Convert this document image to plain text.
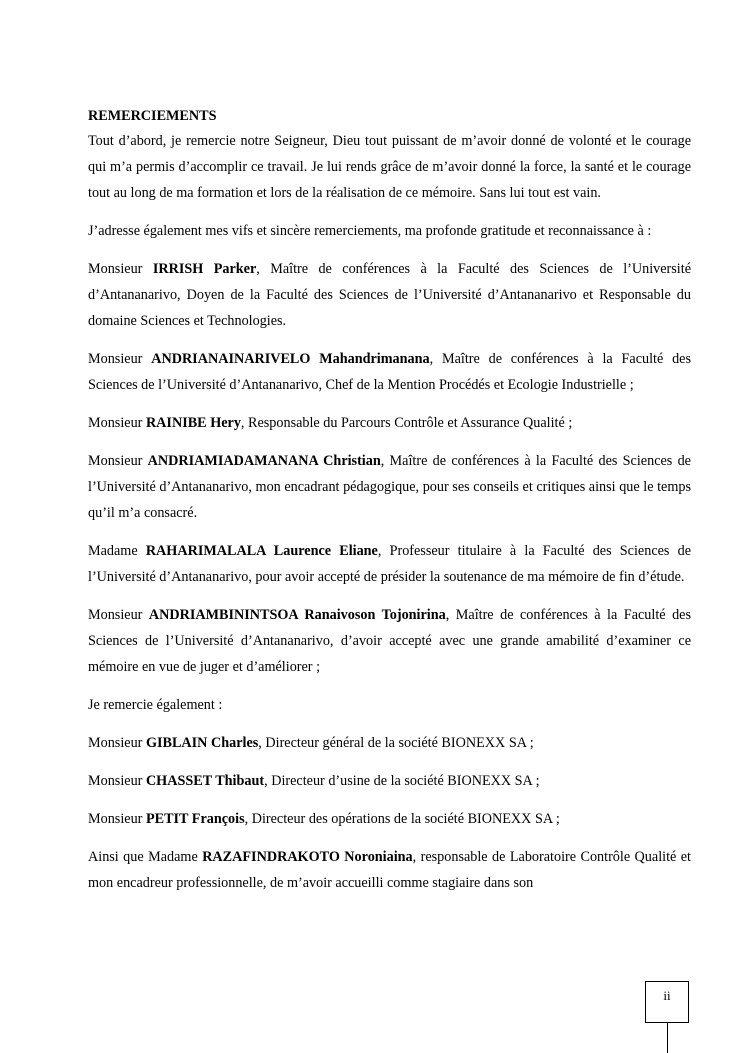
REMERCIEMENTS

Tout d’abord, je remercie notre Seigneur, Dieu tout puissant de m’avoir donné de volonté et le courage qui m’a permis d’accomplir ce travail. Je lui rends grâce de m’avoir donné la force, la santé et le courage tout au long de ma formation et lors de la réalisation de ce mémoire. Sans lui tout est vain.

J’adresse également mes vifs et sincère remerciements, ma profonde gratitude et reconnaissance à :

Monsieur IRRISH Parker, Maître de conférences à la Faculté des Sciences de l’Université d’Antananarivo, Doyen de la Faculté des Sciences de l’Université d’Antananarivo et Responsable du domaine Sciences et Technologies.

Monsieur ANDRIANAINARIVELO Mahandrimanana, Maître de conférences à la Faculté des Sciences de l’Université d’Antananarivo, Chef de la Mention Procédés et Ecologie Industrielle ;

Monsieur RAINIBE Hery, Responsable du Parcours Contrôle et Assurance Qualité ;

Monsieur ANDRIAMIADAMANANA Christian, Maître de conférences à la Faculté des Sciences de l’Université d’Antananarivo, mon encadrant pédagogique, pour ses conseils et critiques ainsi que le temps qu’il m’a consacré.

Madame RAHARIMALALA Laurence Eliane, Professeur titulaire à la Faculté des Sciences de l’Université d’Antananarivo, pour avoir accepté de présider la soutenance de ma mémoire de fin d’étude.

Monsieur ANDRIAMBININTSOA Ranaivoson Tojonirina, Maître de conférences à la Faculté des Sciences de l’Université d’Antananarivo, d’avoir accepté avec une grande amabilité d’examiner ce mémoire en vue de juger et d’améliorer ;

Je remercie également :

Monsieur GIBLAIN Charles, Directeur général de la société BIONEXX SA ;

Monsieur CHASSET Thibaut, Directeur d’usine de la société BIONEXX SA ;

Monsieur PETIT François, Directeur des opérations de la société BIONEXX SA ;

Ainsi que Madame RAZAFINDRAKOTO Noroniaina, responsable de Laboratoire Contrôle Qualité et mon encadreur professionnelle, de m’avoir accueilli comme stagiaire dans son

ii
